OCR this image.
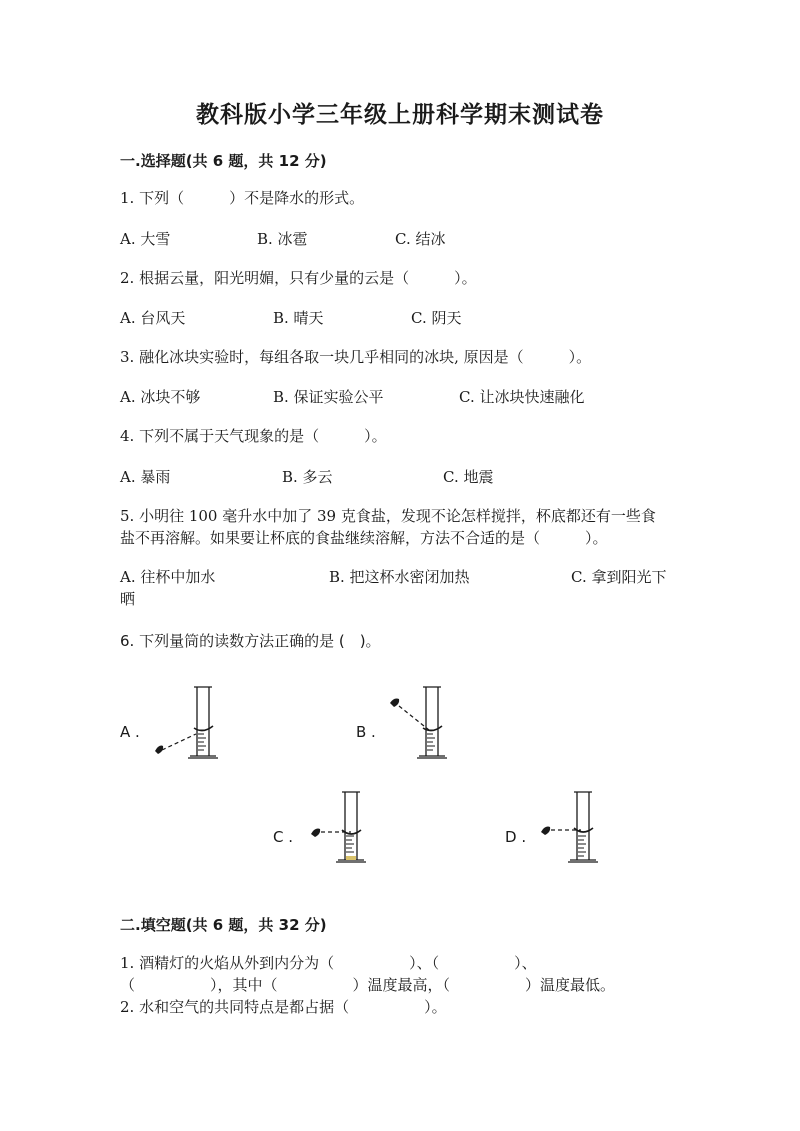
教科版小学三年级上册科学期末测试卷
一.选择题(共 6 题，共 12 分)
1. 下列（　　　）不是降水的形式。
A. 大雪	B. 冰雹	C. 结冰
2. 根据云量，阳光明媚，只有少量的云是（　　　）。
A. 台风天	B. 晴天	C. 阴天
3. 融化冰块实验时，每组各取一块几乎相同的冰块, 原因是（　　　）。
A. 冰块不够	B. 保证实验公平	C. 让冰块快速融化
4. 下列不属于天气现象的是（　　　）。
A. 暴雨	B. 多云	C. 地震
5. 小明往 100 毫升水中加了 39 克食盐，发现不论怎样搅拌，杯底都还有一些食
盐不再溶解。如果要让杯底的食盐继续溶解，方法不合适的是（　　　）。
A. 往杯中加水	B. 把这杯水密闭加热	C. 拿到阳光下
晒
6. 下列量筒的读数方法正确的是 (　)。
A .	B .
C .	D .
二.填空题(共 6 题，共 32 分)
1. 酒精灯的火焰从外到内分为（　　　　　）、（　　　　　）、
（　　　　　），其中（　　　　　）温度最高，（　　　　　）温度最低。
2. 水和空气的共同特点是都占据（　　　　　）。
